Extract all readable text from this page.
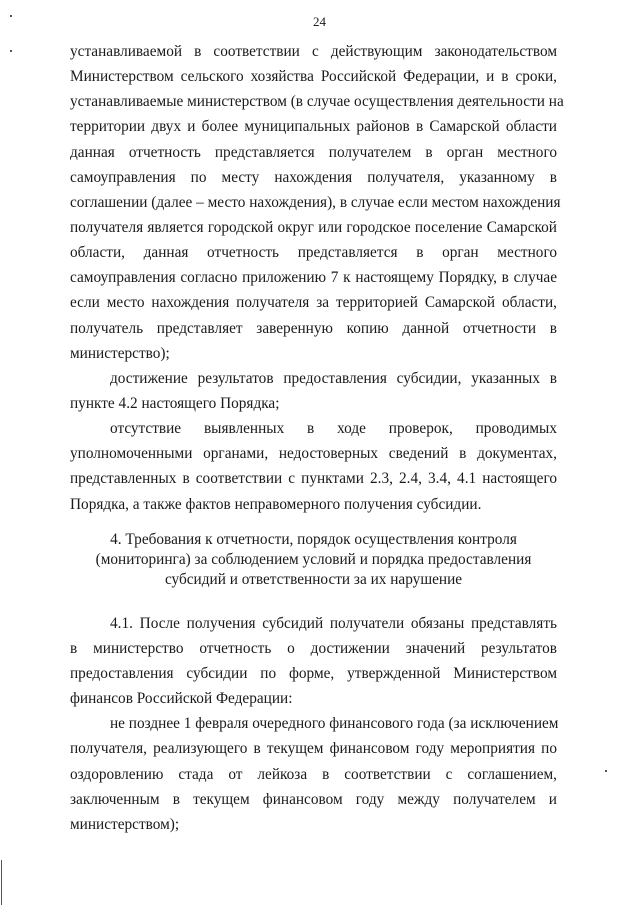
24
устанавливаемой в соответствии с действующим законодательством
Министерством сельского хозяйства Российской Федерации, и в сроки,
устанавливаемые министерством (в случае осуществления деятельности на
территории двух и более муниципальных районов в Самарской области
данная отчетность представляется получателем в орган местного
самоуправления по месту нахождения получателя, указанному в
соглашении (далее – место нахождения), в случае если местом нахождения
получателя является городской округ или городское поселение Самарской
области, данная отчетность представляется в орган местного
самоуправления согласно приложению 7 к настоящему Порядку, в случае
если место нахождения получателя за территорией Самарской области,
получатель представляет заверенную копию данной отчетности в
министерство);
достижение результатов предоставления субсидии, указанных в
пункте 4.2 настоящего Порядка;
отсутствие выявленных в ходе проверок, проводимых
уполномоченными органами, недостоверных сведений в документах,
представленных в соответствии с пунктами 2.3, 2.4, 3.4, 4.1 настоящего
Порядка, а также фактов неправомерного получения субсидии.
4. Требования к отчетности, порядок осуществления контроля
(мониторинга) за соблюдением условий и порядка предоставления
субсидий и ответственности за их нарушение
4.1. После получения субсидий получатели обязаны представлять
в министерство отчетность о достижении значений результатов
предоставления субсидии по форме, утвержденной Министерством
финансов Российской Федерации:
не позднее 1 февраля очередного финансового года (за исключением
получателя, реализующего в текущем финансовом году мероприятия по
оздоровлению стада от лейкоза в соответствии с соглашением,
заключенным в текущем финансовом году между получателем и
министерством);
